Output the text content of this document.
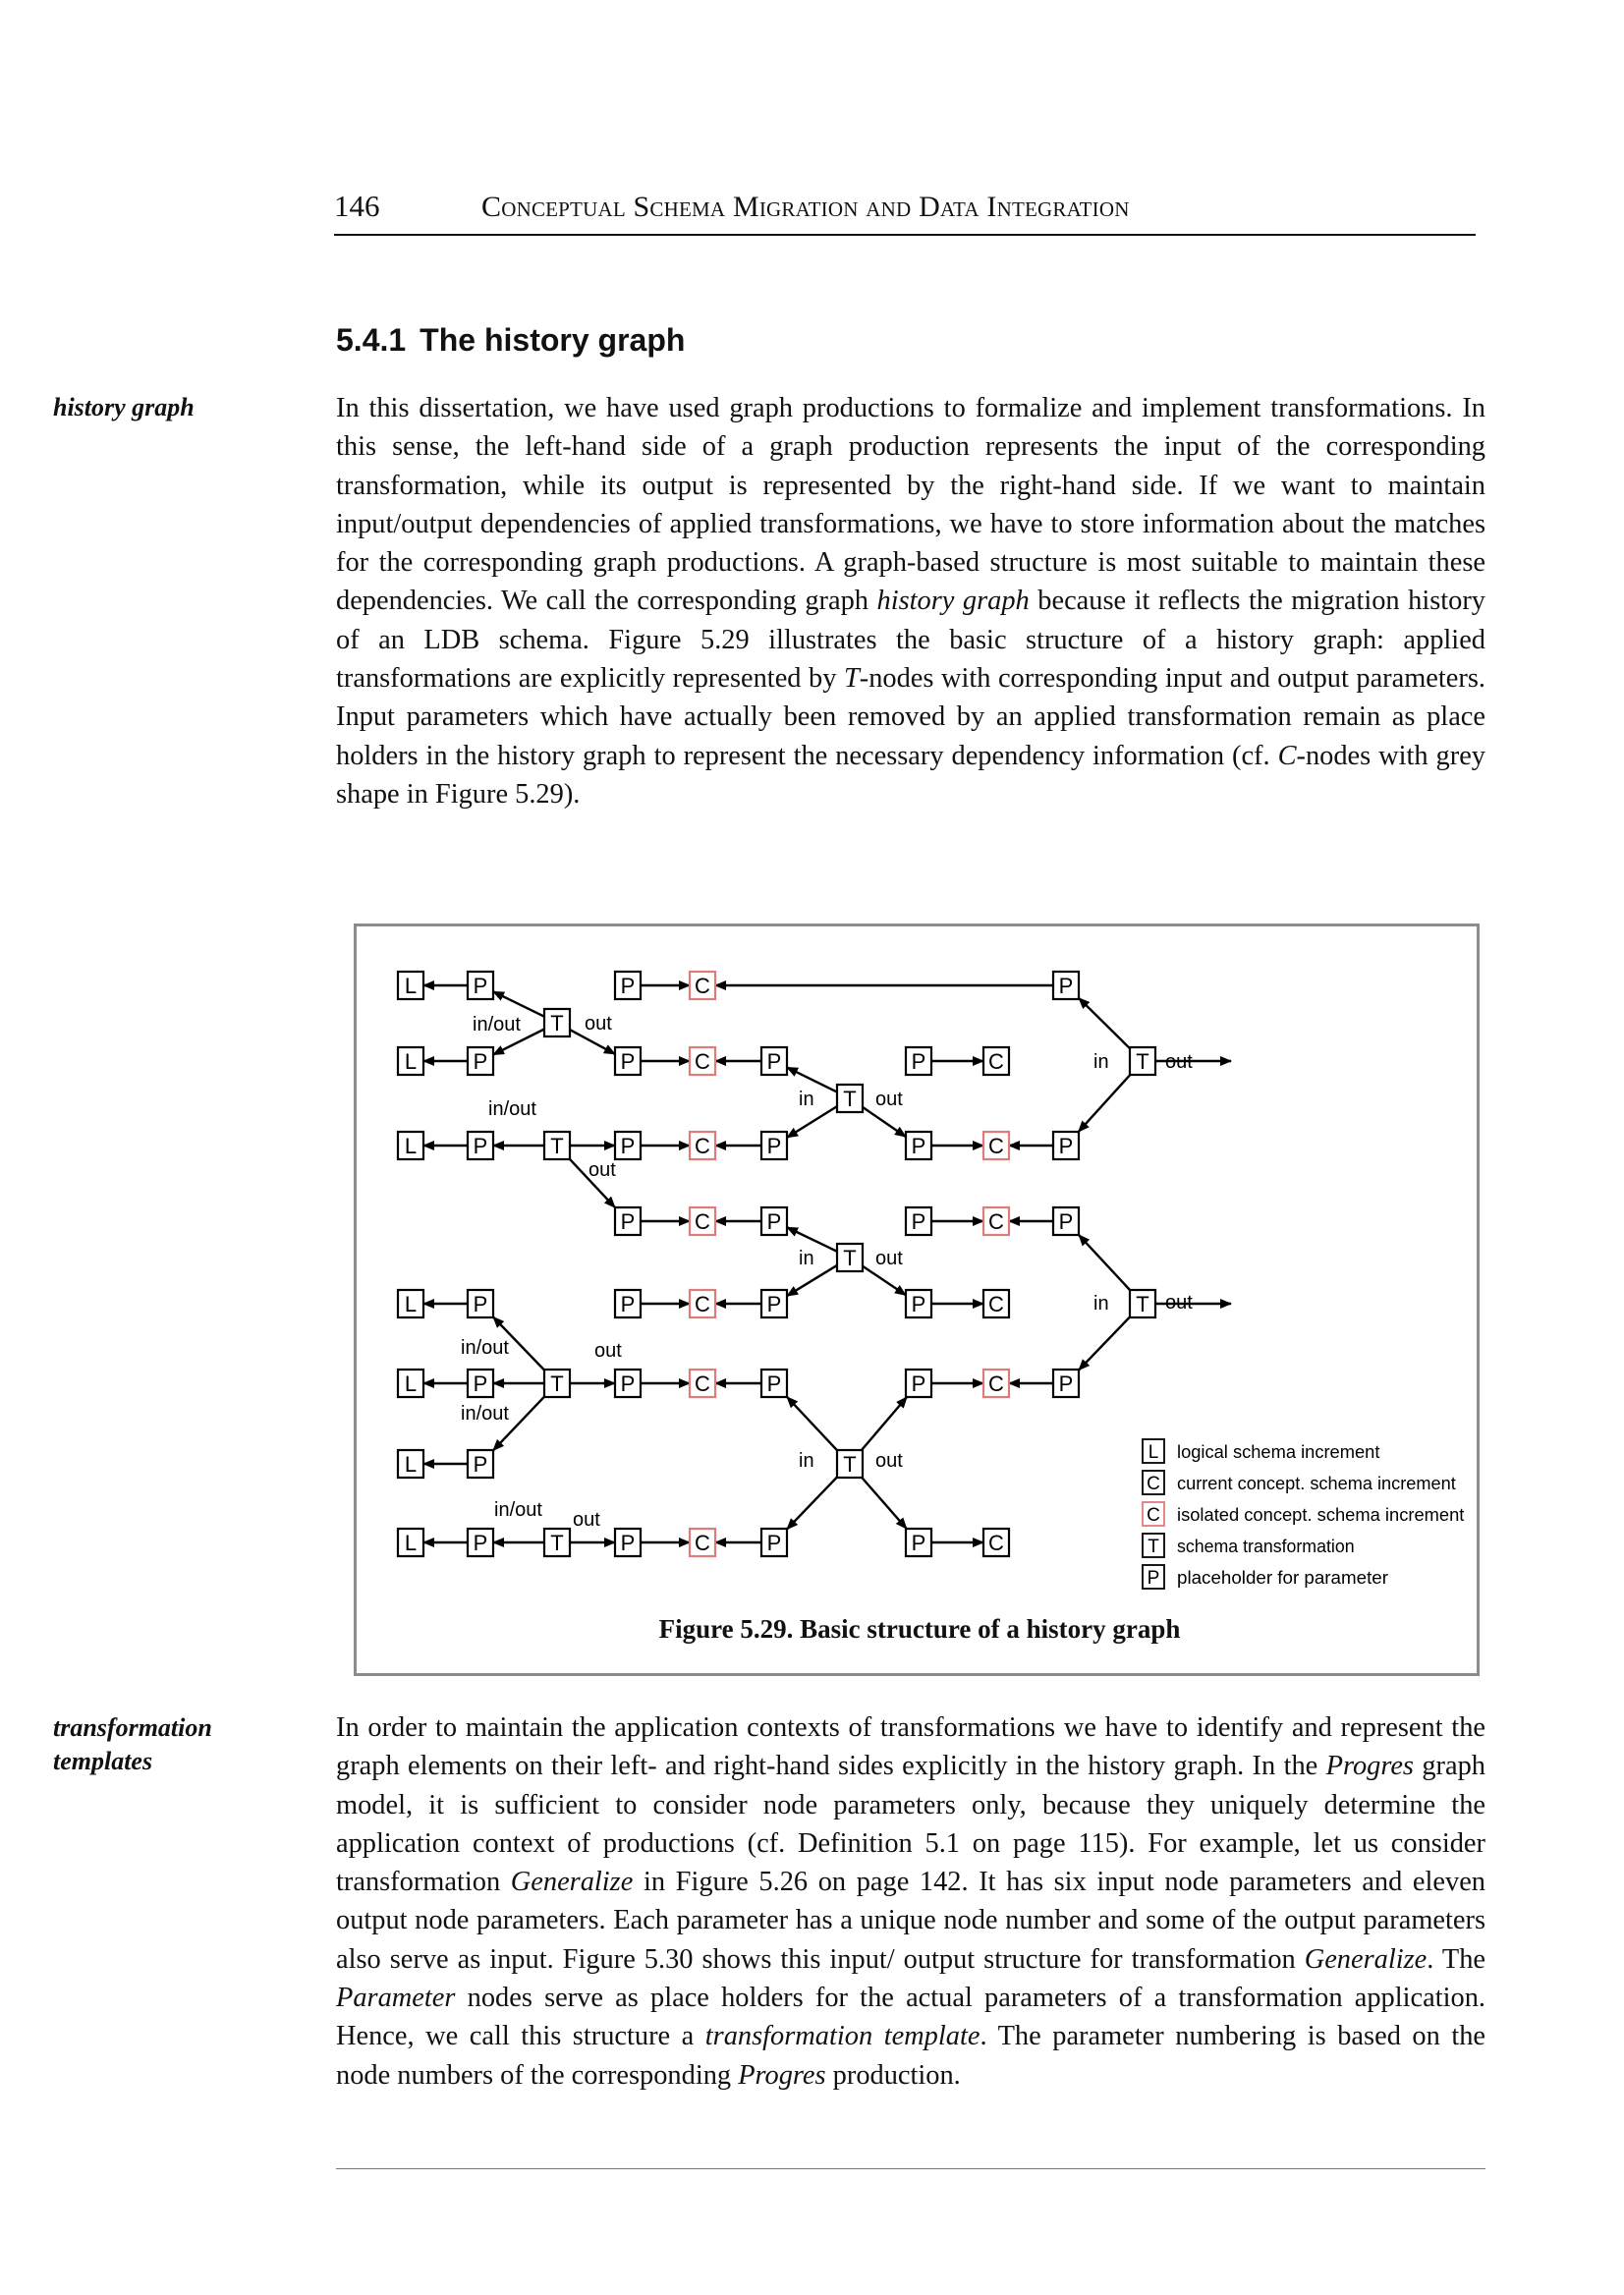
146	Conceptual Schema Migration and Data Integration
5.4.1 The history graph
history graph	In this dissertation, we have used graph productions to formalize and implement transformations. In this sense, the left-hand side of a graph production represents the input of the corresponding transformation, while its output is represented by the right-hand side. If we want to maintain input/output dependencies of applied transformations, we have to store information about the matches for the corresponding graph productions. A graph-based structure is most suitable to maintain these dependencies. We call the corresponding graph history graph because it reflects the migration history of an LDB schema. Figure 5.29 illustrates the basic structure of a history graph: applied transformations are explicitly represented by T-nodes with corresponding input and output parameters. Input parameters which have actually been removed by an applied transformation remain as place holders in the history graph to represent the necessary dependency information (cf. C-nodes with grey shape in Figure 5.29).
L	P	P	C	P
T
L	P	P	C	P	P	C	T
T
L	P	T	P	C	P	P	C	P
P	C	P	P	C	P
T
L	P	P	C	P	P	C	T
L	P	T	P	C	P	P	C	P
L	P	T
L	P	T	P	C	P	P	C
in/out	out
in	out
in	out
in/out
out
in	out
in	out
in/out	out
in/out
in	out
in/out out
L logical schema increment
C current concept. schema increment
C isolated concept. schema increment
T schema transformation
P placeholder for parameter
Figure 5.29. Basic structure of a history graph
transformation
templates
In order to maintain the application contexts of transformations we have to identify and represent the graph elements on their left- and right-hand sides explicitly in the history graph. In the Progres graph model, it is sufficient to consider node parameters only, because they uniquely determine the application context of productions (cf. Definition 5.1 on page 115). For example, let us consider transformation Generalize in Figure 5.26 on page 142. It has six input node parameters and eleven output node parameters. Each parameter has a unique node number and some of the output parameters also serve as input. Figure 5.30 shows this input/ output structure for transformation Generalize. The Parameter nodes serve as place holders for the actual parameters of a transformation application. Hence, we call this structure a transformation template. The parameter numbering is based on the node numbers of the corresponding Progres production.
